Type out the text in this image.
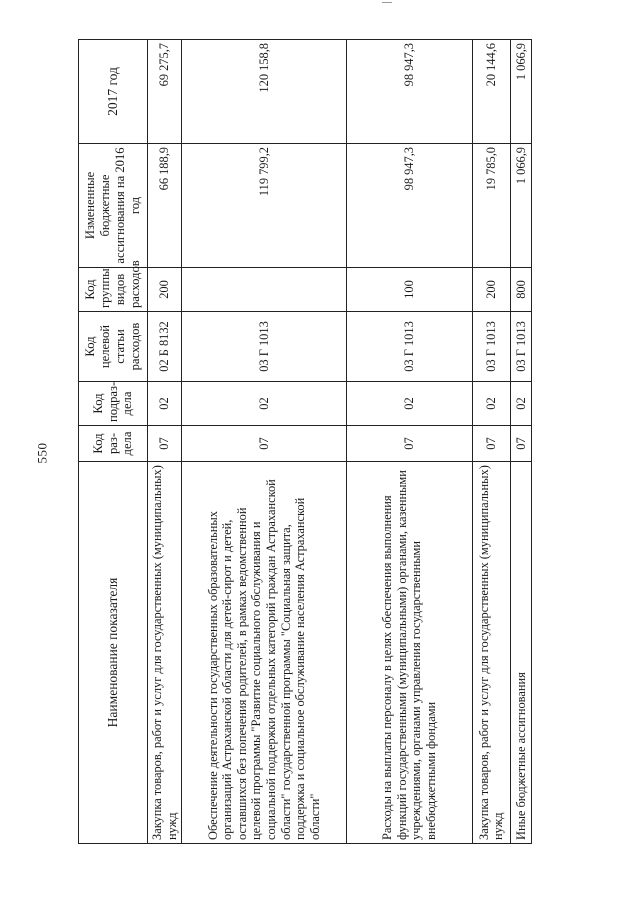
550
Наименование показателя	Код раз-дела	Код подраз-дела	Код целевой статьи расходов	Код группы видов расходов	Измененные бюджетные ассигнования на 2016 год	2017 год
Закупка товаров, работ и услуг для государственных (муниципальных) нужд	07	02	02 Б 8132	200	66 188,9	69 275,7
Обеспечение деятельности государственных образовательных организаций Астраханской области для детей-сирот и детей, оставшихся без попечения родителей, в рамках ведомственной целевой программы "Развитие социального обслуживания и социальной поддержки отдельных категорий граждан Астраханской области" государственной программы "Социальная защита, поддержка и социальное обслуживание населения Астраханской области"	07	02	03 Г 1013		119 799,2	120 158,8
Расходы на выплаты персоналу в целях обеспечения выполнения функций государственными (муниципальными) органами, казенными учреждениями, органами управления государственными внебюджетными фондами	07	02	03 Г 1013	100	98 947,3	98 947,3
Закупка товаров, работ и услуг для государственных (муниципальных) нужд	07	02	03 Г 1013	200	19 785,0	20 144,6
Иные бюджетные ассигнования	07	02	03 Г 1013	800	1 066,9	1 066,9
